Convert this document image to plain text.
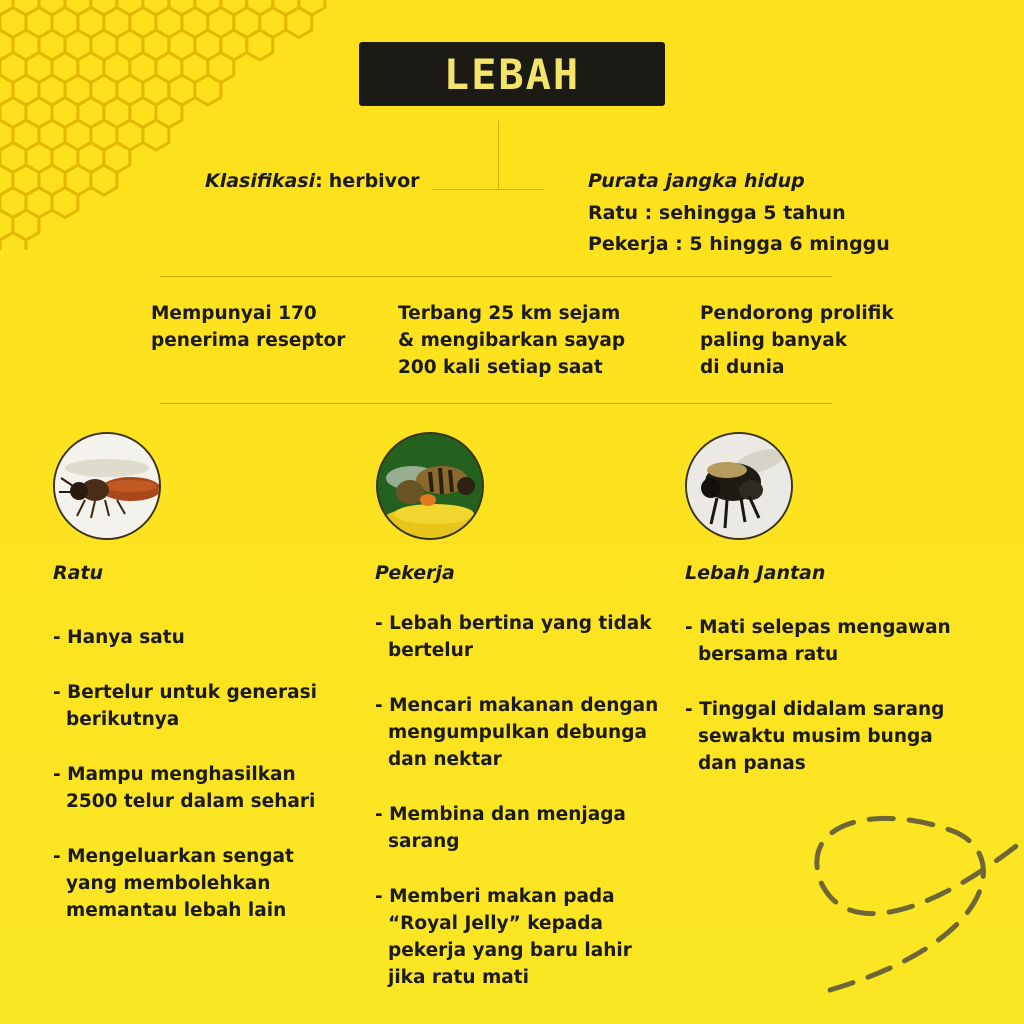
LEBAH
Klasifikasi: herbivor	Purata jangka hidup
Ratu : sehingga 5 tahun
Pekerja : 5 hingga 6 minggu
Mempunyai 170
penerima reseptor
Terbang 25 km sejam
& mengibarkan sayap
200 kali setiap saat
Pendorong prolifik
paling banyak
di dunia
Ratu	Pekerja	Lebah Jantan
- Hanya satu
- Bertelur untuk generasi berikutnya
- Mampu menghasilkan 2500 telur dalam sehari
- Mengeluarkan sengat yang membolehkan memantau lebah lain
- Lebah bertina yang tidak bertelur
- Mencari makanan dengan mengumpulkan debunga dan nektar
- Membina dan menjaga sarang
- Memberi makan pada “Royal Jelly” kepada pekerja yang baru lahir jika ratu mati
- Mati selepas mengawan bersama ratu
- Tinggal didalam sarang sewaktu musim bunga dan panas
